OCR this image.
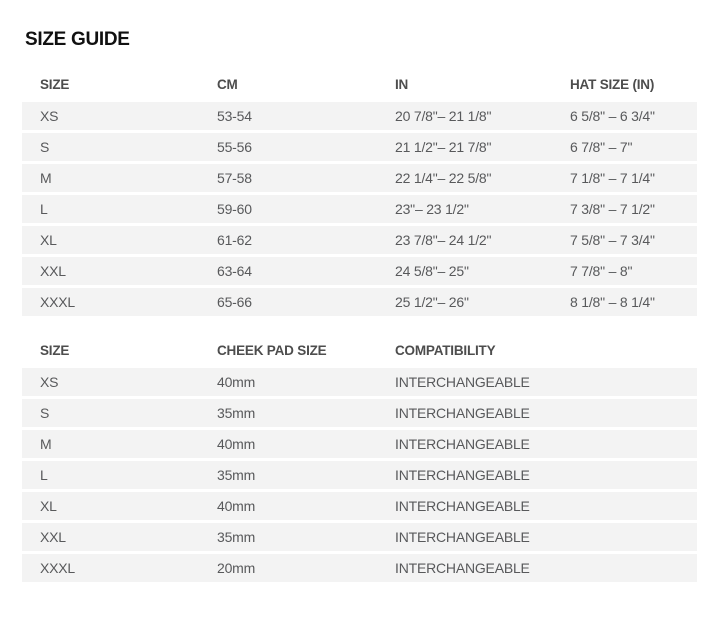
SIZE GUIDE
SIZE	CM	IN	HAT SIZE (IN)
XS	53-54	20 7/8"– 21 1/8"	6 5/8" – 6 3/4"
S	55-56	21 1/2"– 21 7/8"	6 7/8" – 7"
M	57-58	22 1/4"– 22 5/8"	7 1/8" – 7 1/4"
L	59-60	23"– 23 1/2"	7 3/8" – 7 1/2"
XL	61-62	23 7/8"– 24 1/2"	7 5/8" – 7 3/4"
XXL	63-64	24 5/8"– 25"	7 7/8" – 8"
XXXL	65-66	25 1/2"– 26"	8 1/8" – 8 1/4"
SIZE	CHEEK PAD SIZE	COMPATIBILITY
XS	40mm	INTERCHANGEABLE
S	35mm	INTERCHANGEABLE
M	40mm	INTERCHANGEABLE
L	35mm	INTERCHANGEABLE
XL	40mm	INTERCHANGEABLE
XXL	35mm	INTERCHANGEABLE
XXXL	20mm	INTERCHANGEABLE
